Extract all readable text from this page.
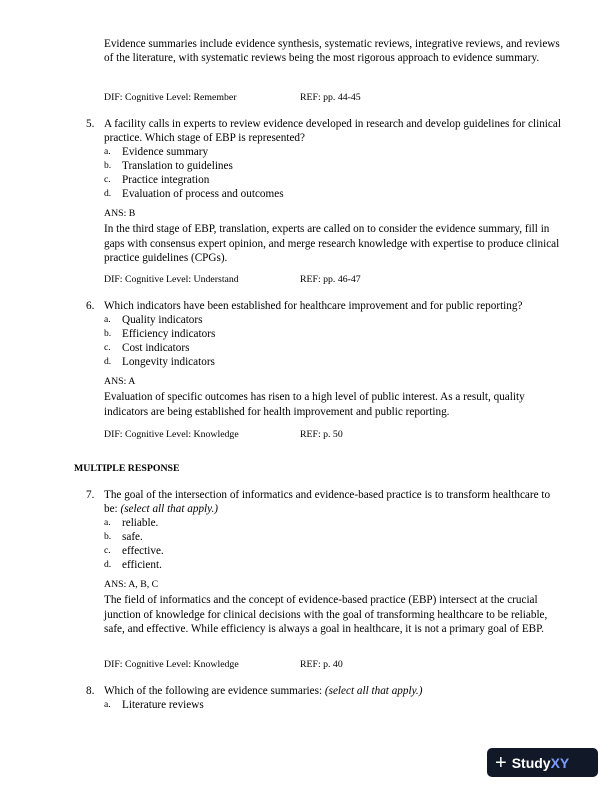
Evidence summaries include evidence synthesis, systematic reviews, integrative reviews, and reviews of the literature, with systematic reviews being the most rigorous approach to evidence summary.
DIF: Cognitive Level: Remember	REF: pp. 44-45
5. A facility calls in experts to review evidence developed in research and develop guidelines for clinical practice. Which stage of EBP is represented?
a. Evidence summary
b. Translation to guidelines
c. Practice integration
d. Evaluation of process and outcomes
ANS: B
In the third stage of EBP, translation, experts are called on to consider the evidence summary, fill in gaps with consensus expert opinion, and merge research knowledge with expertise to produce clinical practice guidelines (CPGs).
DIF: Cognitive Level: Understand	REF: pp. 46-47
6. Which indicators have been established for healthcare improvement and for public reporting?
a. Quality indicators
b. Efficiency indicators
c. Cost indicators
d. Longevity indicators
ANS: A
Evaluation of specific outcomes has risen to a high level of public interest. As a result, quality indicators are being established for health improvement and public reporting.
DIF: Cognitive Level: Knowledge	REF: p. 50
MULTIPLE RESPONSE
7. The goal of the intersection of informatics and evidence-based practice is to transform healthcare to be: (select all that apply.)
a. reliable.
b. safe.
c. effective.
d. efficient.
ANS: A, B, C
The field of informatics and the concept of evidence-based practice (EBP) intersect at the crucial junction of knowledge for clinical decisions with the goal of transforming healthcare to be reliable, safe, and effective. While efficiency is always a goal in healthcare, it is not a primary goal of EBP.
DIF: Cognitive Level: Knowledge	REF: p. 40
8. Which of the following are evidence summaries: (select all that apply.)
a. Literature reviews
+ Study XY
